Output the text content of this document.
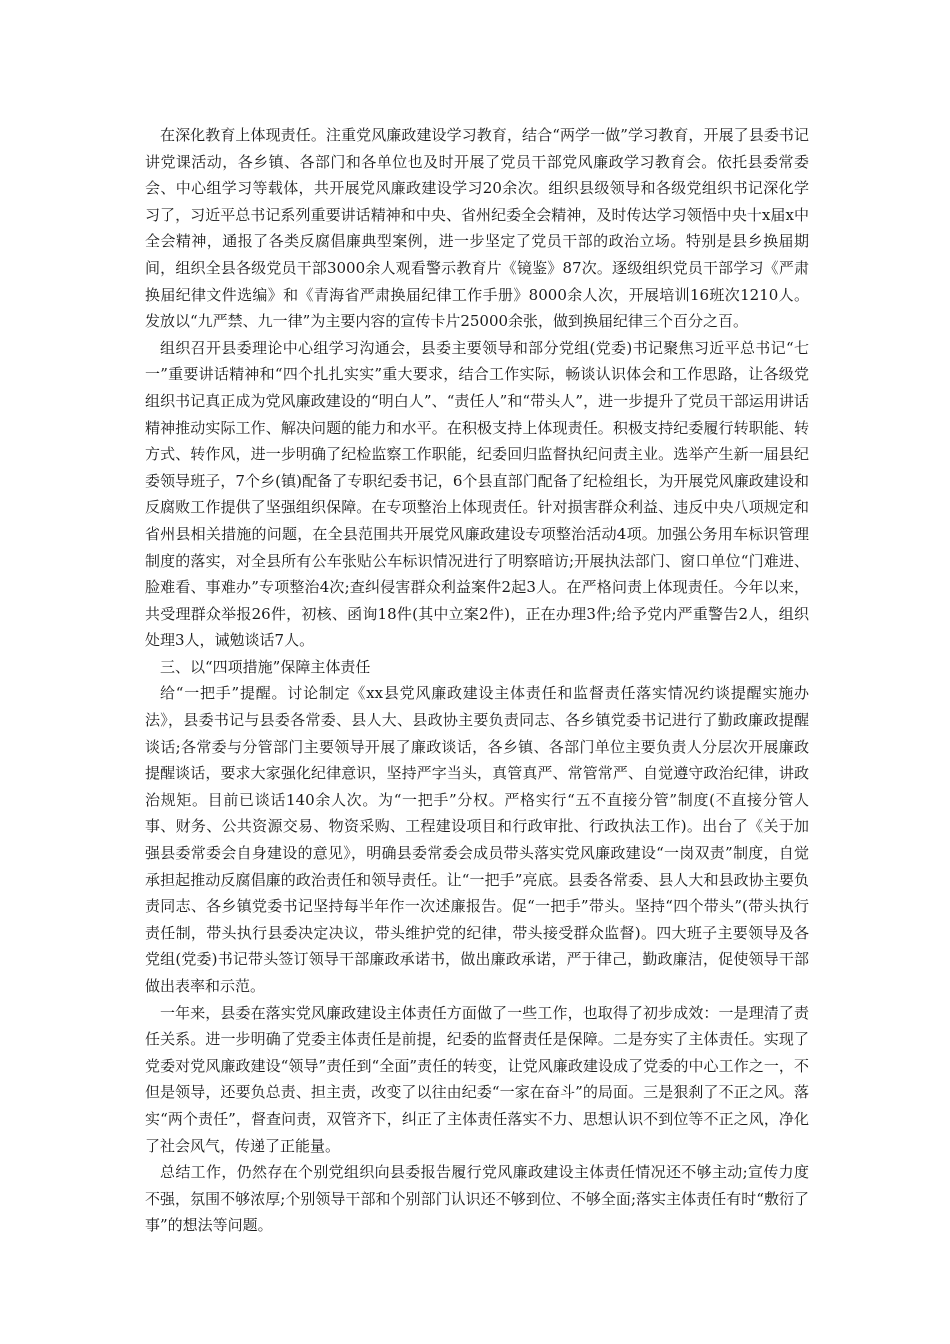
在深化教育上体现责任。注重党风廉政建设学习教育，结合“两学一做”学习教育，开展了县委书记讲党课活动，各乡镇、各部门和各单位也及时开展了党员干部党风廉政学习教育会。依托县委常委会、中心组学习等载体，共开展党风廉政建设学习20余次。组织县级领导和各级党组织书记深化学习了，习近平总书记系列重要讲话精神和中央、省州纪委全会精神，及时传达学习领悟中央十x届x中全会精神，通报了各类反腐倡廉典型案例，进一步坚定了党员干部的政治立场。特别是县乡换届期间，组织全县各级党员干部3000余人观看警示教育片《镜鉴》87次。逐级组织党员干部学习《严肃换届纪律文件选编》和《青海省严肃换届纪律工作手册》8000余人次，开展培训16班次1210人。发放以“九严禁、九一律”为主要内容的宣传卡片25000余张，做到换届纪律三个百分之百。

组织召开县委理论中心组学习沟通会，县委主要领导和部分党组(党委)书记聚焦习近平总书记“七一”重要讲话精神和“四个扎扎实实”重大要求，结合工作实际，畅谈认识体会和工作思路，让各级党组织书记真正成为党风廉政建设的“明白人”、“责任人”和“带头人”，进一步提升了党员干部运用讲话精神推动实际工作、解决问题的能力和水平。在积极支持上体现责任。积极支持纪委履行转职能、转方式、转作风，进一步明确了纪检监察工作职能，纪委回归监督执纪问责主业。选举产生新一届县纪委领导班子，7个乡(镇)配备了专职纪委书记，6个县直部门配备了纪检组长，为开展党风廉政建设和反腐败工作提供了坚强组织保障。在专项整治上体现责任。针对损害群众利益、违反中央八项规定和省州县相关措施的问题，在全县范围共开展党风廉政建设专项整治活动4项。加强公务用车标识管理制度的落实，对全县所有公车张贴公车标识情况进行了明察暗访;开展执法部门、窗口单位“门难进、脸难看、事难办”专项整治4次;查纠侵害群众利益案件2起3人。在严格问责上体现责任。今年以来，共受理群众举报26件，初核、函询18件(其中立案2件)，正在办理3件;给予党内严重警告2人，组织处理3人，诫勉谈话7人。

三、以“四项措施”保障主体责任

给“一把手”提醒。讨论制定《xx县党风廉政建设主体责任和监督责任落实情况约谈提醒实施办法》，县委书记与县委各常委、县人大、县政协主要负责同志、各乡镇党委书记进行了勤政廉政提醒谈话;各常委与分管部门主要领导开展了廉政谈话，各乡镇、各部门单位主要负责人分层次开展廉政提醒谈话，要求大家强化纪律意识，坚持严字当头，真管真严、常管常严、自觉遵守政治纪律，讲政治规矩。目前已谈话140余人次。为“一把手”分权。严格实行“五不直接分管”制度(不直接分管人事、财务、公共资源交易、物资采购、工程建设项目和行政审批、行政执法工作)。出台了《关于加强县委常委会自身建设的意见》，明确县委常委会成员带头落实党风廉政建设“一岗双责”制度，自觉承担起推动反腐倡廉的政治责任和领导责任。让“一把手”亮底。县委各常委、县人大和县政协主要负责同志、各乡镇党委书记坚持每半年作一次述廉报告。促“一把手”带头。坚持“四个带头”(带头执行责任制，带头执行县委决定决议，带头维护党的纪律，带头接受群众监督)。四大班子主要领导及各党组(党委)书记带头签订领导干部廉政承诺书，做出廉政承诺，严于律己，勤政廉洁，促使领导干部做出表率和示范。

一年来，县委在落实党风廉政建设主体责任方面做了一些工作，也取得了初步成效：一是理清了责任关系。进一步明确了党委主体责任是前提，纪委的监督责任是保障。二是夯实了主体责任。实现了党委对党风廉政建设“领导”责任到“全面”责任的转变，让党风廉政建设成了党委的中心工作之一，不但是领导，还要负总责、担主责，改变了以往由纪委“一家在奋斗”的局面。三是狠刹了不正之风。落实“两个责任”，督查问责，双管齐下，纠正了主体责任落实不力、思想认识不到位等不正之风，净化了社会风气，传递了正能量。

总结工作，仍然存在个别党组织向县委报告履行党风廉政建设主体责任情况还不够主动;宣传力度不强，氛围不够浓厚;个别领导干部和个别部门认识还不够到位、不够全面;落实主体责任有时“敷衍了事”的想法等问题。
